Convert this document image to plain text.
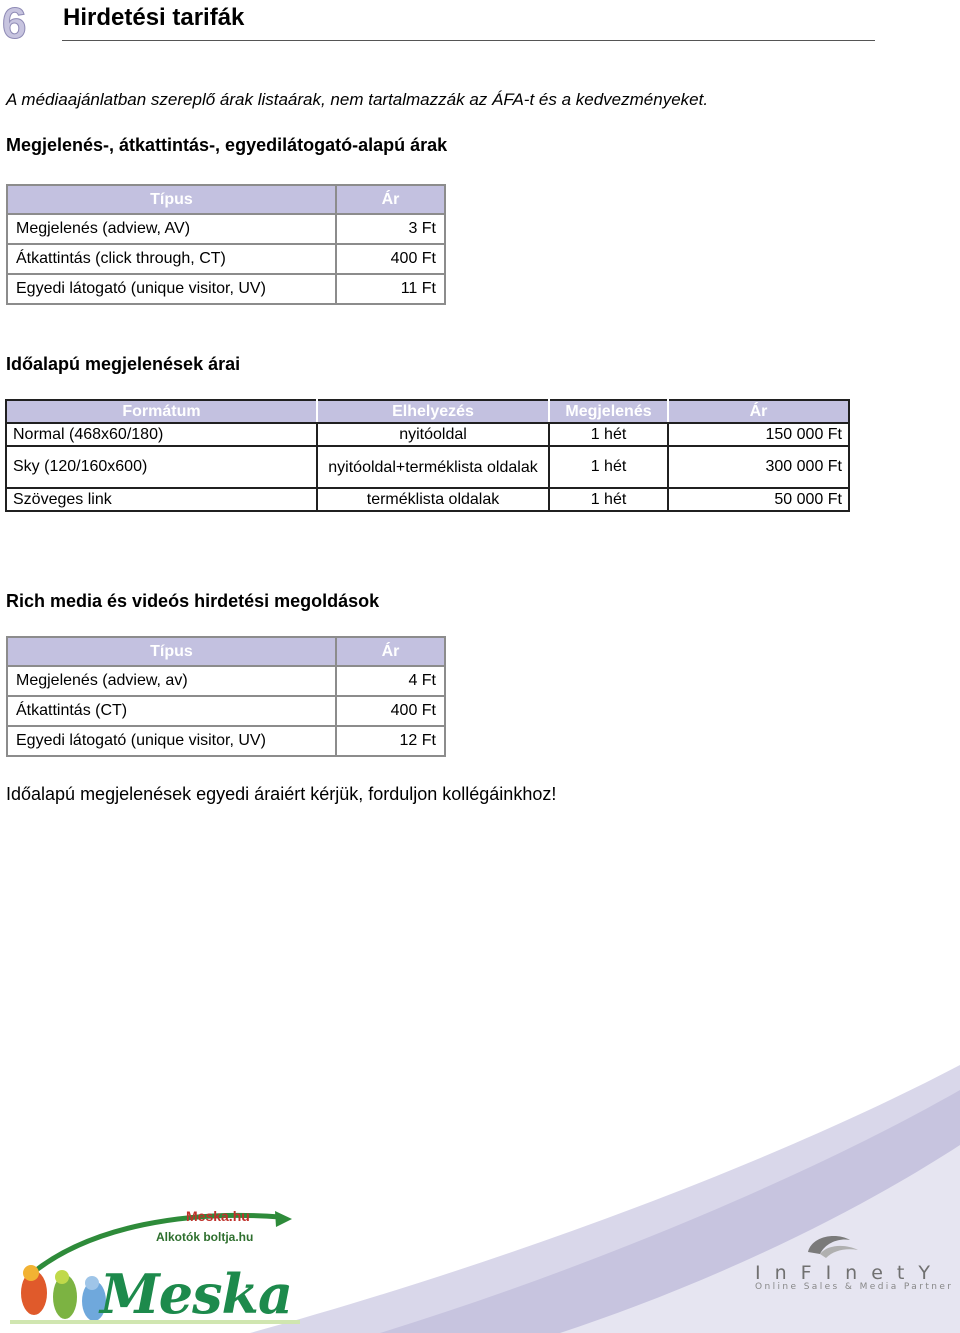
6 Hirdetési tarifák
A médiaajánlatban szereplő árak listaárak, nem tartalmazzák az ÁFA-t és a kedvezményeket.
Megjelenés-, átkattintás-, egyedilátogató-alapú árak
Típus	Ár
Megjelenés (adview, AV)	3 Ft
Átkattintás (click through, CT)	400 Ft
Egyedi látogató (unique visitor, UV)	11 Ft
Időalapú megjelenések árai
Formátum	Elhelyezés	Megjelenés	Ár
Normal (468x60/180)	nyitóoldal	1 hét	150 000 Ft
Sky (120/160x600)	nyitóoldal+terméklista oldalak	1 hét	300 000 Ft
Szöveges link	terméklista oldalak	1 hét	50 000 Ft
Rich media és videós hirdetési megoldások
Típus	Ár
Megjelenés (adview, av)	4 Ft
Átkattintás (CT)	400 Ft
Egyedi látogató (unique visitor, UV)	12 Ft
Időalapú megjelenések egyedi áraiért kérjük, forduljon kollégáinkhoz!
Meska.hu
Alkotók boltja.hu
Meska	InFInetY
Online Sales & Media Partner
